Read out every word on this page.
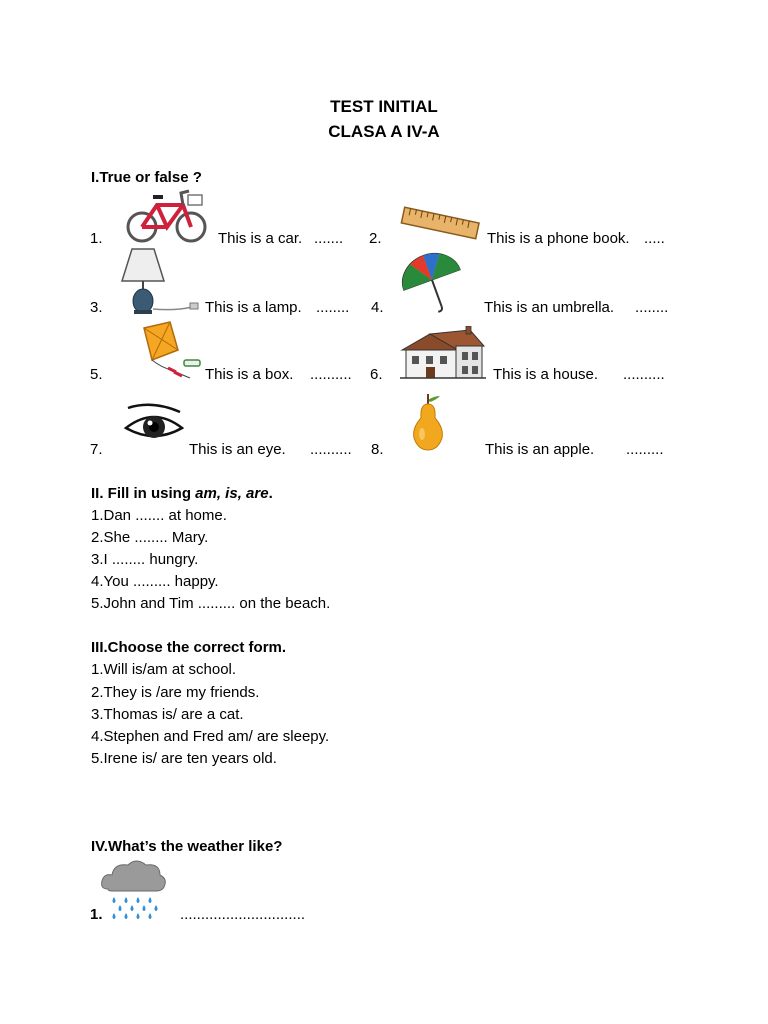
TEST INITIAL
CLASA A IV-A
I.True or false ?
1.	This is a car. ....... 2.	This is a phone book. .....
3.	This is a lamp. ........ 4.	This is an umbrella. ........
5.	This is a box. .......... 6.	This is a house. ..........
7.	This is an eye. .......... 8.	This is an apple. .........
II. Fill in using am, is, are.
1.Dan ....... at home.
2.She ........ Mary.
3.I ........ hungry.
4.You ......... happy.
5.John and Tim ......... on the beach.
III.Choose the correct form.
1.Will is/am at school.
2.They is /are my friends.
3.Thomas is/ are a cat.
4.Stephen and Fred am/ are sleepy.
5.Irene is/ are ten years old.
IV.What’s the weather like?
1.	..............................
